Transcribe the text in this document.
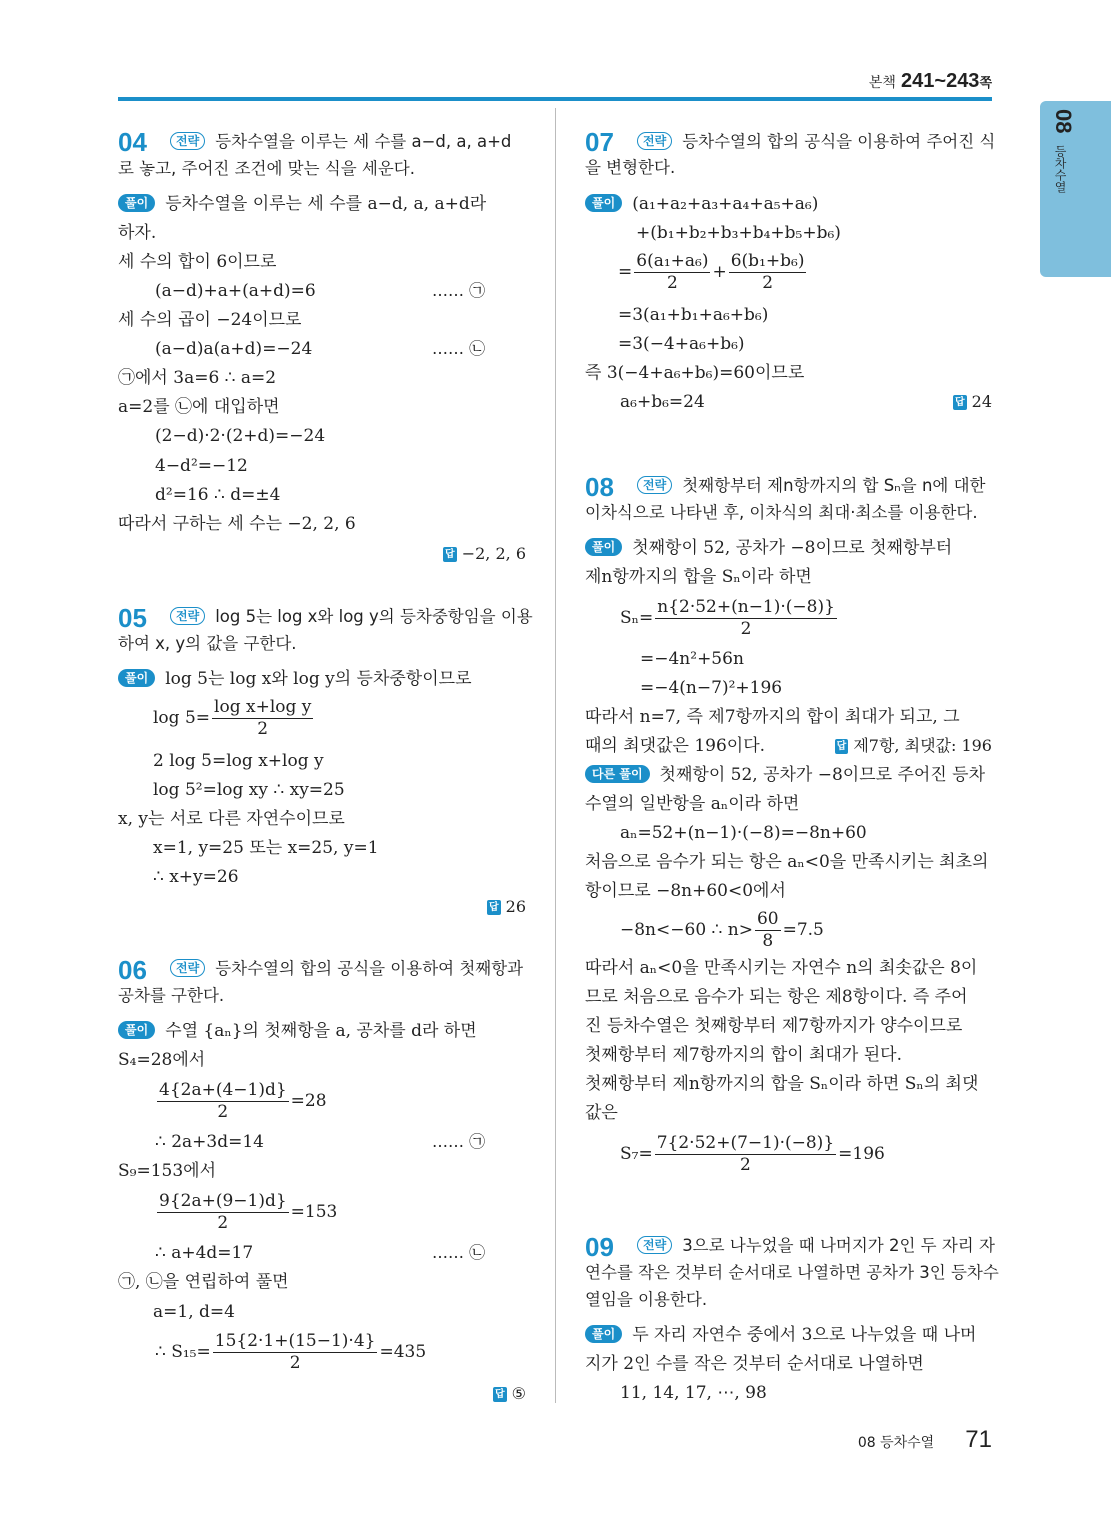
본책 241~243쪽
08
등차수열
04	전략 등차수열을 이루는 세 수를 a−d, a, a+d
로 놓고, 주어진 조건에 맞는 식을 세운다.
풀이 등차수열을 이루는 세 수를 a−d, a, a+d라
하자.
세 수의 합이 6이므로
(a−d)+a+(a+d)=6	…… ㉠
세 수의 곱이 −24이므로
(a−d)a(a+d)=−24	…… ㉡
㉠에서 3a=6 ∴ a=2
a=2를 ㉡에 대입하면
(2−d)·2·(2+d)=−24
4−d²=−12
d²=16 ∴ d=±4
따라서 구하는 세 수는 −2, 2, 6
답 −2, 2, 6
05	전략 log 5는 log x와 log y의 등차중항임을 이용
하여 x, y의 값을 구한다.
풀이 log 5는 log x와 log y의 등차중항이므로
$\log 5= \frac{\text{log x+log y}}{2}$
2 log 5=log x+log y
log 5²=log xy ∴ xy=25
x, y는 서로 다른 자연수이므로
x=1, y=25 또는 x=25, y=1
∴ x+y=26
답 26
06	전략 등차수열의 합의 공식을 이용하여 첫째항과
공차를 구한다.
풀이 수열 {aₙ}의 첫째항을 a, 공차를 d라 하면
S₄=28에서
$\frac{4\{2a+(4-1)d\}}{2} =28$
∴ 2a+3d=14	…… ㉠
S₉=153에서
$\frac{9\{2a+(9-1)d\}}{2} =153$
∴ a+4d=17	…… ㉡
㉠, ㉡을 연립하여 풀면
a=1, d=4
∴ $S_{15}= \frac{15\{2\cdot 1+(15-1)\cdot 4\}}{2} =435$
답 ⑤
07	전략 등차수열의 합의 공식을 이용하여 주어진 식
을 변형한다.
풀이 (a₁+a₂+a₃+a₄+a₅+a₆)
+(b₁+b₂+b₃+b₄+b₅+b₆)
= $\frac{\text{6(a₁+a₆)}}{2} + \frac{\text{6(b₁+b₆)}}{2}$
=3(a₁+b₁+a₆+b₆)
=3(−4+a₆+b₆)
즉 3(−4+a₆+b₆)=60이므로
a₆+b₆=24	답 24
08	전략 첫째항부터 제n항까지의 합 Sₙ을 n에 대한
이차식으로 나타낸 후, 이차식의 최대·최소를 이용한다.
풀이 첫째항이 52, 공차가 −8이므로 첫째항부터
제n항까지의 합을 Sₙ이라 하면
$S_n= \frac{n\{2\cdot 52+(n-1)\cdot(-8)\}}{2}$
=−4n²+56n
=−4(n−7)²+196
따라서 n=7, 즉 제7항까지의 합이 최대가 되고, 그
때의 최댓값은 196이다.	답 제7항, 최댓값: 196
다른 풀이 첫째항이 52, 공차가 −8이므로 주어진 등차
수열의 일반항을 aₙ이라 하면
aₙ=52+(n−1)·(−8)=−8n+60
처음으로 음수가 되는 항은 aₙ<0을 만족시키는 최초의
항이므로 −8n+60<0에서
−8n<−60 ∴ $n> \frac{60}{8} =7.5$
따라서 aₙ<0을 만족시키는 자연수 n의 최솟값은 8이
므로 처음으로 음수가 되는 항은 제8항이다. 즉 주어
진 등차수열은 첫째항부터 제7항까지가 양수이므로
첫째항부터 제7항까지의 합이 최대가 된다.
첫째항부터 제n항까지의 합을 Sₙ이라 하면 Sₙ의 최댓
값은
$S_7= \frac{7\{2\cdot 52+(7-1)\cdot(-8)\}}{2} =196$
09	전략 3으로 나누었을 때 나머지가 2인 두 자리 자
연수를 작은 것부터 순서대로 나열하면 공차가 3인 등차수
열임을 이용한다.
풀이 두 자리 자연수 중에서 3으로 나누었을 때 나머
지가 2인 수를 작은 것부터 순서대로 나열하면
11, 14, 17, ⋯, 98
08 등차수열 71
